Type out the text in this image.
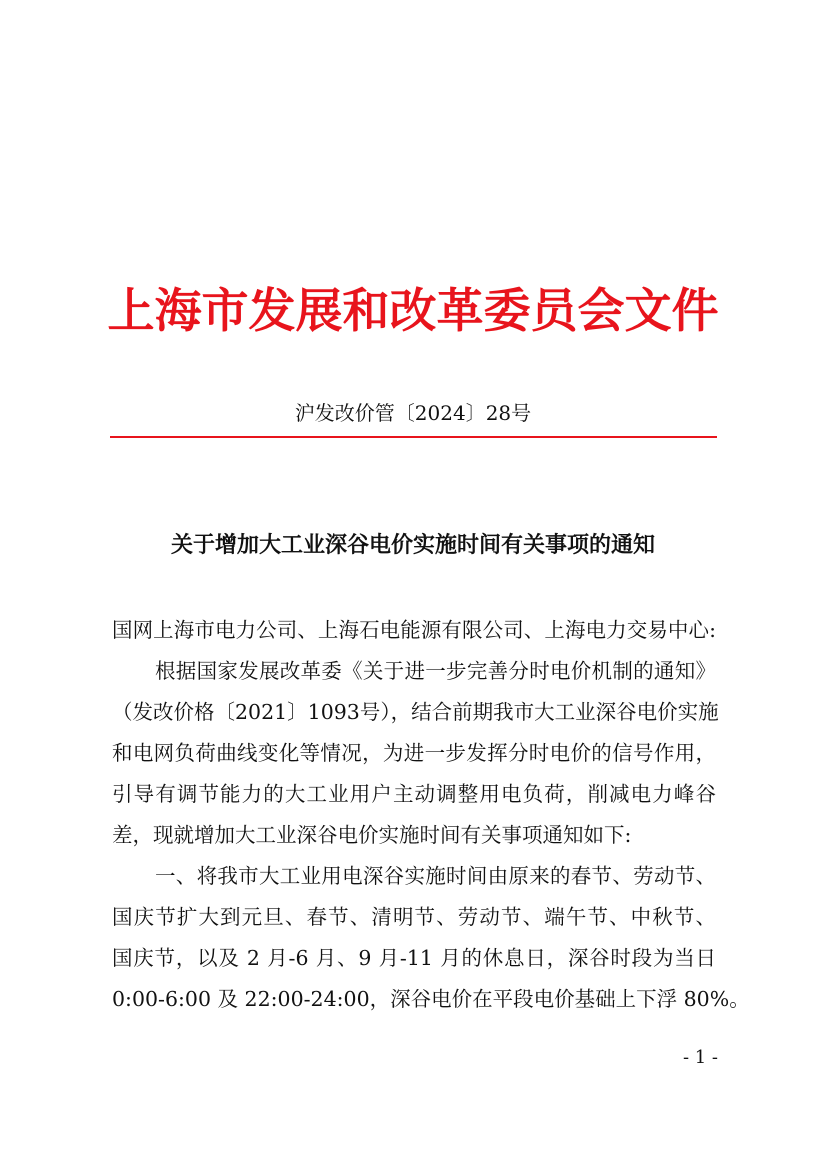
上海市发展和改革委员会文件
沪发改价管〔2024〕28号
关于增加大工业深谷电价实施时间有关事项的通知
国网上海市电力公司、上海石电能源有限公司、上海电力交易中心:
根据国家发展改革委《关于进一步完善分时电价机制的通知》
（发改价格〔2021〕1093号），结合前期我市大工业深谷电价实施
和电网负荷曲线变化等情况，为进一步发挥分时电价的信号作用，
引导有调节能力的大工业用户主动调整用电负荷，削减电力峰谷
差，现就增加大工业深谷电价实施时间有关事项通知如下:
一、将我市大工业用电深谷实施时间由原来的春节、劳动节、
国庆节扩大到元旦、春节、清明节、劳动节、端午节、中秋节、
国庆节，以及 2 月-6 月、9 月-11 月的休息日，深谷时段为当日
0:00-6:00 及 22:00-24:00，深谷电价在平段电价基础上下浮 80%。
- 1 -
